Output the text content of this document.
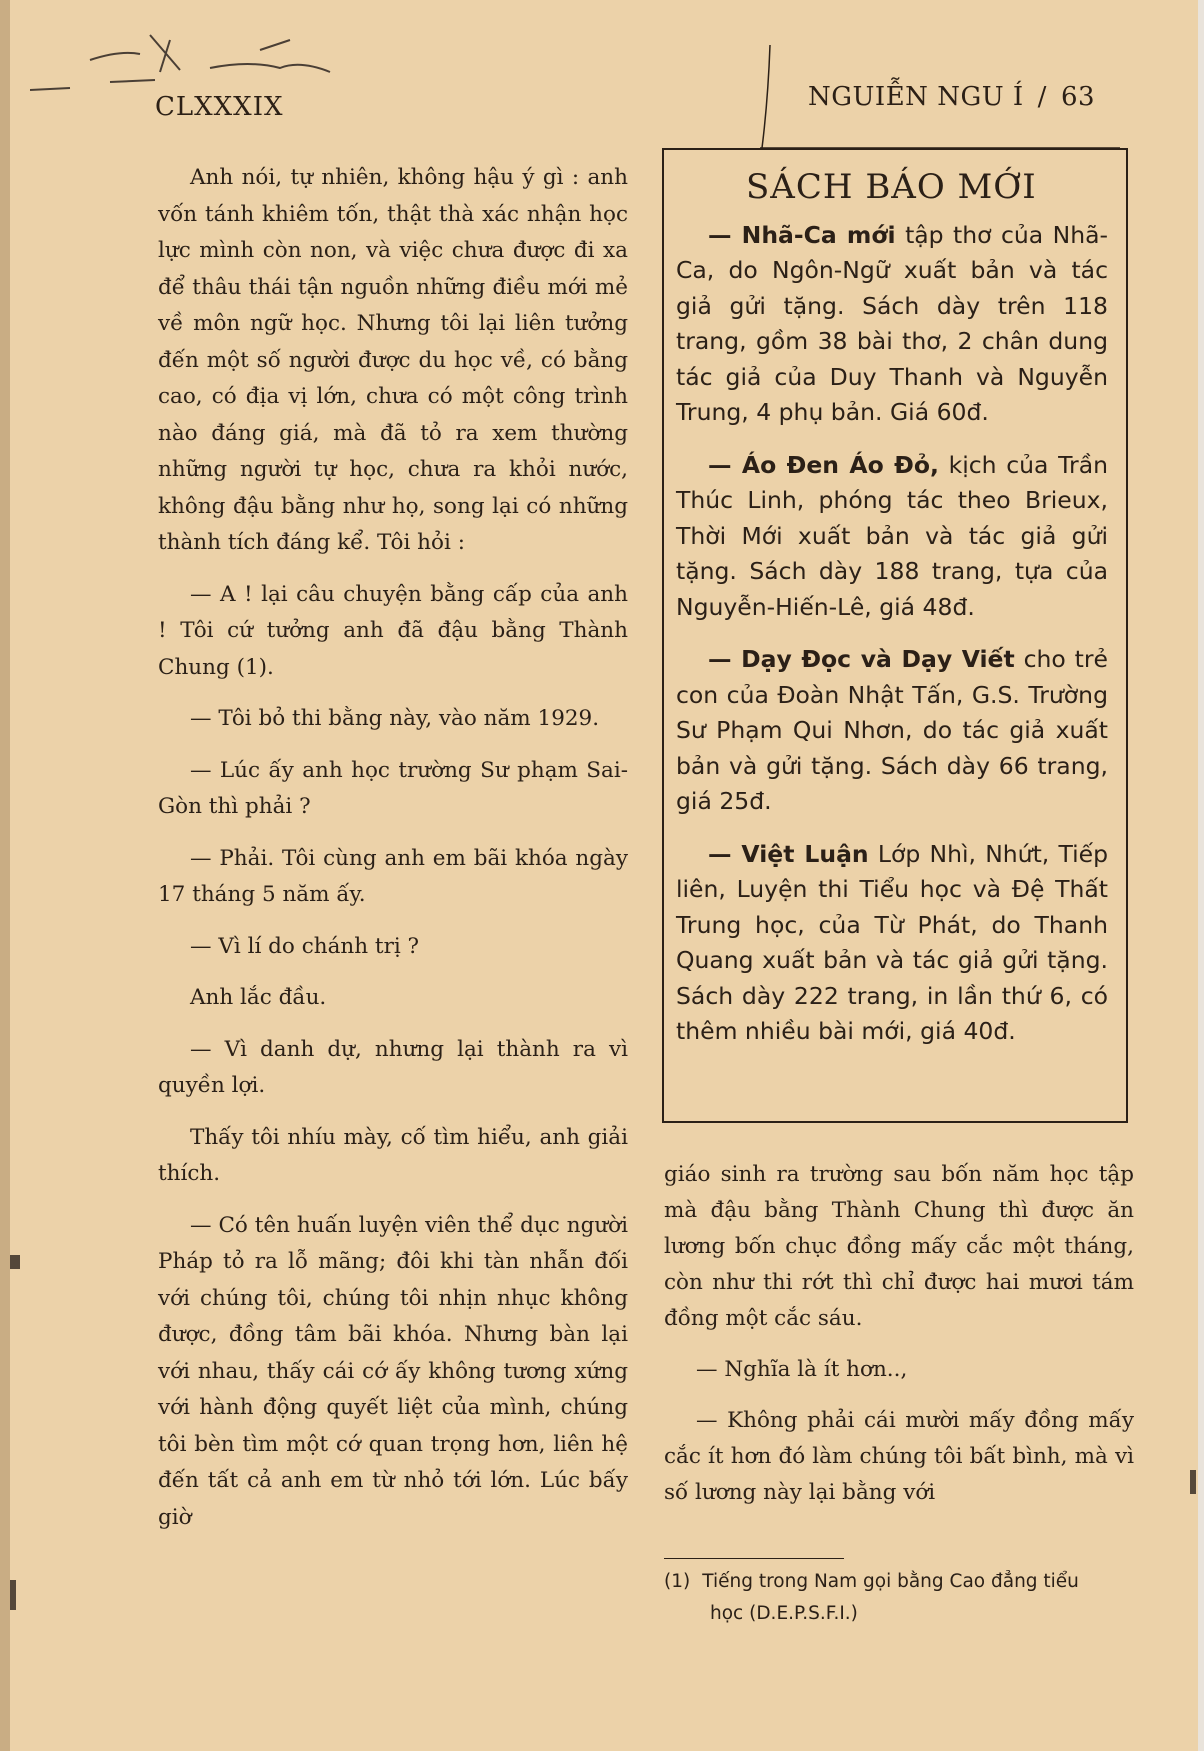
CLXXXIX	NGUIỄN NGU Í / 63

Anh nói, tự nhiên, không hậu ý gì : anh vốn tánh khiêm tốn, thật thà xác nhận học lực mình còn non, và việc chưa được đi xa để thâu thái tận nguồn những điều mới mẻ về môn ngữ học. Nhưng tôi lại liên tưởng đến một số người được du học về, có bằng cao, có địa vị lớn, chưa có một công trình nào đáng giá, mà đã tỏ ra xem thường những người tự học, chưa ra khỏi nước, không đậu bằng như họ, song lại có những thành tích đáng kể. Tôi hỏi :

— A ! lại câu chuyện bằng cấp của anh ! Tôi cứ tưởng anh đã đậu bằng Thành Chung (1).

— Tôi bỏ thi bằng này, vào năm 1929.

— Lúc ấy anh học trường Sư phạm Sai-Gòn thì phải ?

— Phải. Tôi cùng anh em bãi khóa ngày 17 tháng 5 năm ấy.

— Vì lí do chánh trị ?

Anh lắc đầu.

— Vì danh dự, nhưng lại thành ra vì quyền lợi.

Thấy tôi nhíu mày, cố tìm hiểu, anh giải thích.

— Có tên huấn luyện viên thể dục người Pháp tỏ ra lỗ mãng; đôi khi tàn nhẫn đối với chúng tôi, chúng tôi nhịn nhục không được, đồng tâm bãi khóa. Nhưng bàn lại với nhau, thấy cái cớ ấy không tương xứng với hành động quyết liệt của mình, chúng tôi bèn tìm một cớ quan trọng hơn, liên hệ đến tất cả anh em từ nhỏ tới lớn. Lúc bấy giờ

SÁCH BÁO MỚI

— Nhã-Ca mới tập thơ của Nhã-Ca, do Ngôn-Ngữ xuất bản và tác giả gửi tặng. Sách dày trên 118 trang, gồm 38 bài thơ, 2 chân dung tác giả của Duy Thanh và Nguyễn Trung, 4 phụ bản. Giá 60đ.

— Áo Đen Áo Đỏ, kịch của Trần Thúc Linh, phóng tác theo Brieux, Thời Mới xuất bản và tác giả gửi tặng. Sách dày 188 trang, tựa của Nguyễn-Hiến-Lê, giá 48đ.

— Dạy Đọc và Dạy Viết cho trẻ con của Đoàn Nhật Tấn, G.S. Trường Sư Phạm Qui Nhơn, do tác giả xuất bản và gửi tặng. Sách dày 66 trang, giá 25đ.

— Việt Luận Lớp Nhì, Nhứt, Tiếp liên, Luyện thi Tiểu học và Đệ Thất Trung học, của Từ Phát, do Thanh Quang xuất bản và tác giả gửi tặng. Sách dày 222 trang, in lần thứ 6, có thêm nhiều bài mới, giá 40đ.

giáo sinh ra trường sau bốn năm học tập mà đậu bằng Thành Chung thì được ăn lương bốn chục đồng mấy cắc một tháng, còn như thi rớt thì chỉ được hai mươi tám đồng một cắc sáu.

— Nghĩa là ít hơn..,

— Không phải cái mười mấy đồng mấy cắc ít hơn đó làm chúng tôi bất bình, mà vì số lương này lại bằng với

(1) Tiếng trong Nam gọi bằng Cao đẳng tiểu
học (D.E.P.S.F.I.)
